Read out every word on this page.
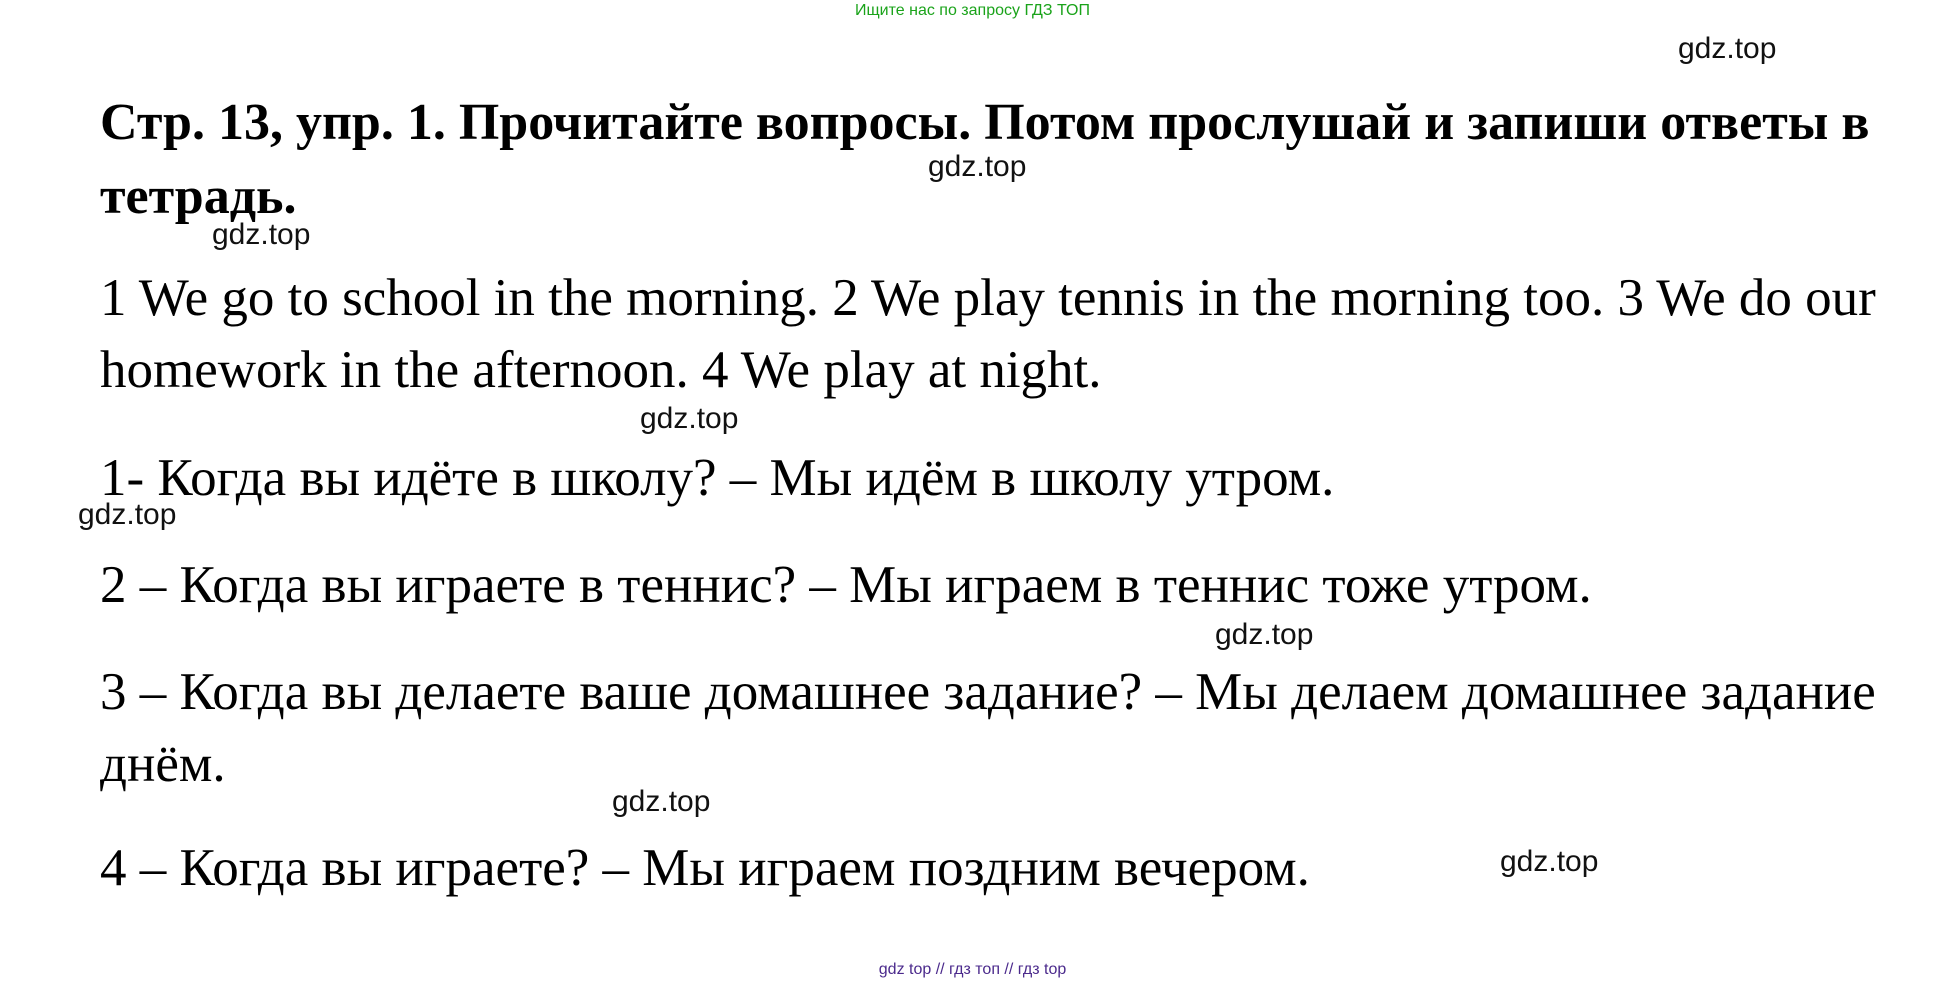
Ищите нас по запросу ГДЗ ТОП
gdz.top
Стр. 13, упр. 1. Прочитайте вопросы. Потом прослушай и запиши ответы в тетрадь.
gdz.top
gdz.top

1 We go to school in the morning. 2 We play tennis in the morning too. 3 We do our homework in the afternoon. 4 We play at night.

gdz.top

1- Когда вы идёте в школу? – Мы идём в школу утром.

gdz.top

2 – Когда вы играете в теннис? – Мы играем в теннис тоже утром.

gdz.top

3 – Когда вы делаете ваше домашнее задание? – Мы делаем домашнее задание днём.

gdz.top

4 – Когда вы играете? – Мы играем поздним вечером.	gdz.top
gdz top // гдз топ // гдз top
